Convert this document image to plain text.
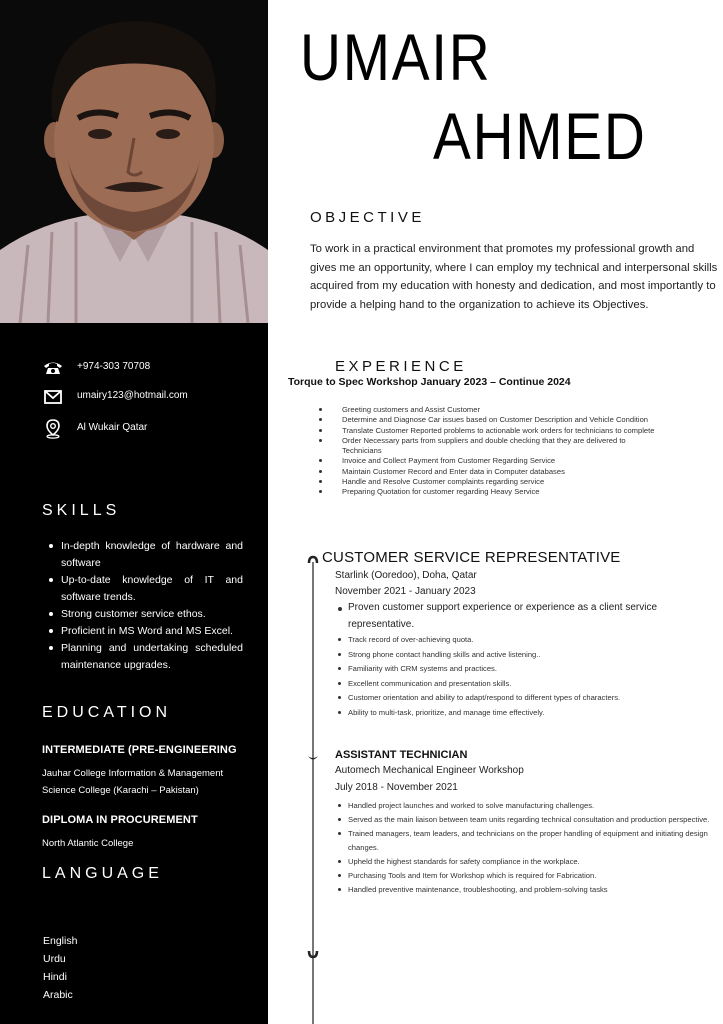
+974-303 70708
umairy123@hotmail.com
Al Wukair Qatar
SKILLS
In-depth knowledge of hardware and software
Up-to-date knowledge of IT and software trends.
Strong customer service ethos.
Proficient in MS Word and MS Excel.
Planning and undertaking scheduled maintenance upgrades.
EDUCATION
INTERMEDIATE (PRE-ENGINEERING
Jauhar College Information & Management
Science College (Karachi – Pakistan)
DIPLOMA IN PROCUREMENT
North Atlantic College
LANGUAGE
English
Urdu
Hindi
Arabic
UMAIR
AHMED
OBJECTIVE
To work in a practical environment that promotes my professional growth and gives me an opportunity, where I can employ my technical and interpersonal skills acquired from my education with honesty and dedication, and most importantly to provide a helping hand to the organization to achieve its Objectives.
EXPERIENCE
Torque to Spec Workshop January 2023 – Continue 2024
Greeting customers and Assist Customer
Determine and Diagnose Car issues based on Customer Description and Vehicle Condition
Translate Customer Reported problems to actionable work orders for technicians to complete
Order Necessary parts from suppliers and double checking that they are delivered to Technicians
Invoice and Collect Payment from Customer Regarding Service
Maintain Customer Record and Enter data in Computer databases
Handle and Resolve Customer complaints regarding service
Preparing Quotation for customer regarding Heavy Service
CUSTOMER SERVICE REPRESENTATIVE
Starlink (Ooredoo), Doha, Qatar
November 2021 - January 2023
Proven customer support experience or experience as a client service representative.
Track record of over-achieving quota.
Strong phone contact handling skills and active listening..
Familiarity with CRM systems and practices.
Excellent communication and presentation skills.
Customer orientation and ability to adapt/respond to different types of characters.
Ability to multi-task, prioritize, and manage time effectively.
ASSISTANT TECHNICIAN
Automech Mechanical Engineer Workshop
July 2018 - November 2021
Handled project launches and worked to solve manufacturing challenges.
Served as the main liaison between team units regarding technical consultation and production perspective.
Trained managers, team leaders, and technicians on the proper handling of equipment and initiating design changes.
Upheld the highest standards for safety compliance in the workplace.
Purchasing Tools and Item for Workshop which is required for Fabrication.
Handled preventive maintenance, troubleshooting, and problem-solving tasks
